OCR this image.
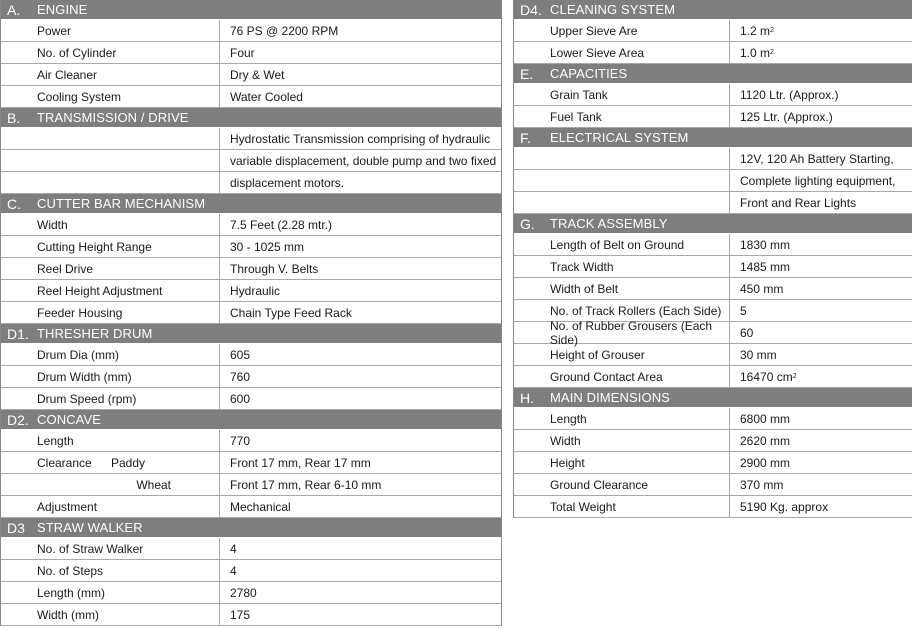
A.	ENGINE
Power	76 PS @ 2200 RPM
No. of Cylinder	Four
Air Cleaner	Dry & Wet
Cooling System	Water Cooled
B.	TRANSMISSION / DRIVE
Hydrostatic Transmission comprising of hydraulic
variable displacement, double pump and two fixed
displacement motors.
C.	CUTTER BAR MECHANISM
Width	7.5 Feet (2.28 mtr.)
Cutting Height Range	30 - 1025 mm
Reel Drive	Through V. Belts
Reel Height Adjustment	Hydraulic
Feeder Housing	Chain Type Feed Rack
D1. THRESHER DRUM
Drum Dia (mm)	605
Drum Width (mm)	760
Drum Speed (rpm)	600
D2. CONCAVE
Length	770
Clearance Paddy	Front 17 mm, Rear 17 mm
Wheat	Front 17 mm, Rear 6-10 mm
Adjustment	Mechanical
D3 STRAW WALKER
No. of Straw Walker	4
No. of Steps	4
Length (mm)	2780
Width (mm)	175
D4. CLEANING SYSTEM
Upper Sieve Are	1.2 m 2
Lower Sieve Area	1.0 m 2
E.	CAPACITIES
Grain Tank	1120 Ltr. (Approx.)
Fuel Tank	125 Ltr. (Approx.)
F.	ELECTRICAL SYSTEM
12V, 120 Ah Battery Starting,
Complete lighting equipment,
Front and Rear Lights
G.	TRACK ASSEMBLY
Length of Belt on Ground	1830 mm
Track Width	1485 mm
Width of Belt	450 mm
No. of Track Rollers (Each Side) 5
No. of Rubber Grousers (Each Side)	60
Height of Grouser	30 mm
Ground Contact Area	16470 cm 2
H.	MAIN DIMENSIONS
Length	6800 mm
Width	2620 mm
Height	2900 mm
Ground Clearance	370 mm
Total Weight	5190 Kg. approx
